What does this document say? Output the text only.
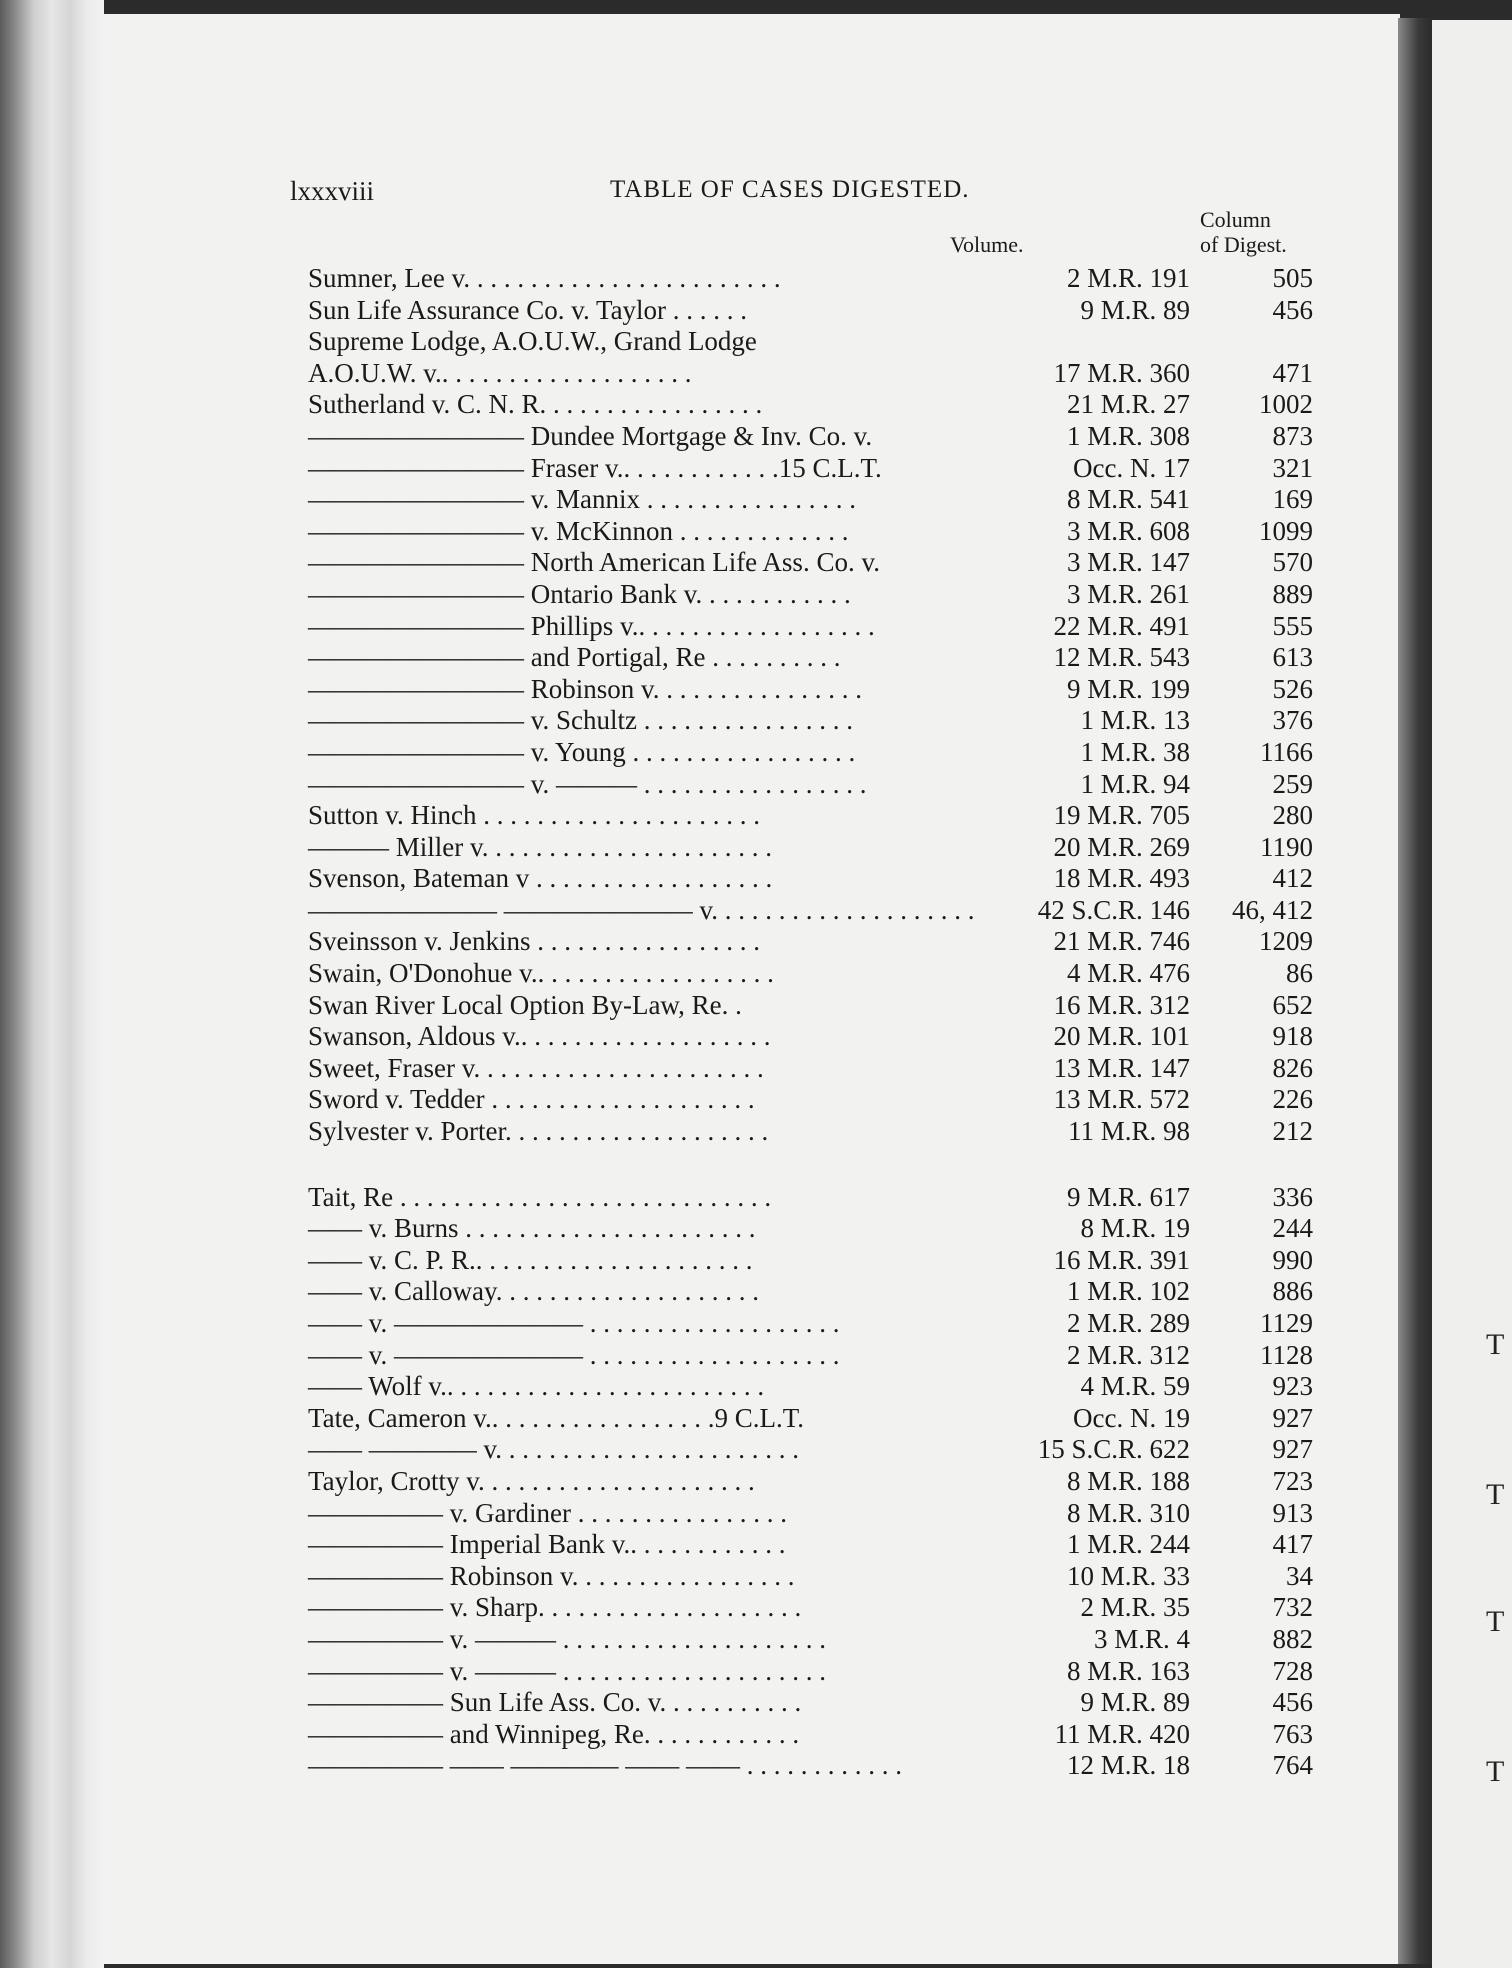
T
T
T
T
lxxxviii	TABLE OF CASES DIGESTED.
Column
of Digest.
Volume.
Sumner, Lee v. . . . . . . . . . . . . . . . . . . . . . . .	2 M.R. 191	505
Sun Life Assurance Co. v. Taylor . . . . . .	9 M.R. 89	456
Supreme Lodge, A.O.U.W., Grand Lodge
A.O.U.W. v.. . . . . . . . . . . . . . . . . . .	17 M.R. 360	471
Sutherland v. C. N. R. . . . . . . . . . . . . . . . .	21 M.R. 27	1002
———————— Dundee Mortgage & Inv. Co. v.	1 M.R. 308	873
———————— Fraser v.. . . . . . . . . . . .15 C.L.T.	Occ. N. 17	321
———————— v. Mannix . . . . . . . . . . . . . . . .	8 M.R. 541	169
———————— v. McKinnon . . . . . . . . . . . . .	3 M.R. 608	1099
———————— North American Life Ass. Co. v.	3 M.R. 147	570
———————— Ontario Bank v. . . . . . . . . . . .	3 M.R. 261	889
———————— Phillips v.. . . . . . . . . . . . . . . . . .	22 M.R. 491	555
———————— and Portigal, Re . . . . . . . . . .	12 M.R. 543	613
———————— Robinson v. . . . . . . . . . . . . . . .	9 M.R. 199	526
———————— v. Schultz . . . . . . . . . . . . . . . .	1 M.R. 13	376
———————— v. Young . . . . . . . . . . . . . . . . .	1 M.R. 38	1166
———————— v. ——— . . . . . . . . . . . . . . . . .	1 M.R. 94	259
Sutton v. Hinch . . . . . . . . . . . . . . . . . . . . .	19 M.R. 705	280
——— Miller v. . . . . . . . . . . . . . . . . . . . . .	20 M.R. 269	1190
Svenson, Bateman v . . . . . . . . . . . . . . . . . .	18 M.R. 493	412
——————— ——————— v. . . . . . . . . . . . . . . . . . . .	42 S.C.R. 146	46, 412
Sveinsson v. Jenkins . . . . . . . . . . . . . . . . .	21 M.R. 746	1209
Swain, O'Donohue v.. . . . . . . . . . . . . . . . . .	4 M.R. 476	86
Swan River Local Option By-Law, Re. .	16 M.R. 312	652
Swanson, Aldous v.. . . . . . . . . . . . . . . . . . .	20 M.R. 101	918
Sweet, Fraser v. . . . . . . . . . . . . . . . . . . . . .	13 M.R. 147	826
Sword v. Tedder . . . . . . . . . . . . . . . . . . . .	13 M.R. 572	226
Sylvester v. Porter. . . . . . . . . . . . . . . . . . . .	11 M.R. 98	212
Tait, Re . . . . . . . . . . . . . . . . . . . . . . . . . . . .	9 M.R. 617	336
—— v. Burns . . . . . . . . . . . . . . . . . . . . . .	8 M.R. 19	244
—— v. C. P. R.. . . . . . . . . . . . . . . . . . . . .	16 M.R. 391	990
—— v. Calloway. . . . . . . . . . . . . . . . . . . .	1 M.R. 102	886
—— v. ——————— . . . . . . . . . . . . . . . . . . .	2 M.R. 289	1129
—— v. ——————— . . . . . . . . . . . . . . . . . . .	2 M.R. 312	1128
—— Wolf v.. . . . . . . . . . . . . . . . . . . . . . . .	4 M.R. 59	923
Tate, Cameron v.. . . . . . . . . . . . . . . . .9 C.L.T.	Occ. N. 19	927
—— ———— v. . . . . . . . . . . . . . . . . . . . . . .	15 S.C.R. 622	927
Taylor, Crotty v. . . . . . . . . . . . . . . . . . . . .	8 M.R. 188	723
————— v. Gardiner . . . . . . . . . . . . . . . .	8 M.R. 310	913
————— Imperial Bank v.. . . . . . . . . . . .	1 M.R. 244	417
————— Robinson v. . . . . . . . . . . . . . . . .	10 M.R. 33	34
————— v. Sharp. . . . . . . . . . . . . . . . . . . .	2 M.R. 35	732
————— v. ——— . . . . . . . . . . . . . . . . . . . .	3 M.R. 4	882
————— v. ——— . . . . . . . . . . . . . . . . . . . .	8 M.R. 163	728
————— Sun Life Ass. Co. v. . . . . . . . . . .	9 M.R. 89	456
————— and Winnipeg, Re. . . . . . . . . . . .	11 M.R. 420	763
————— —— ———— —— —— . . . . . . . . . . . .	12 M.R. 18	764
